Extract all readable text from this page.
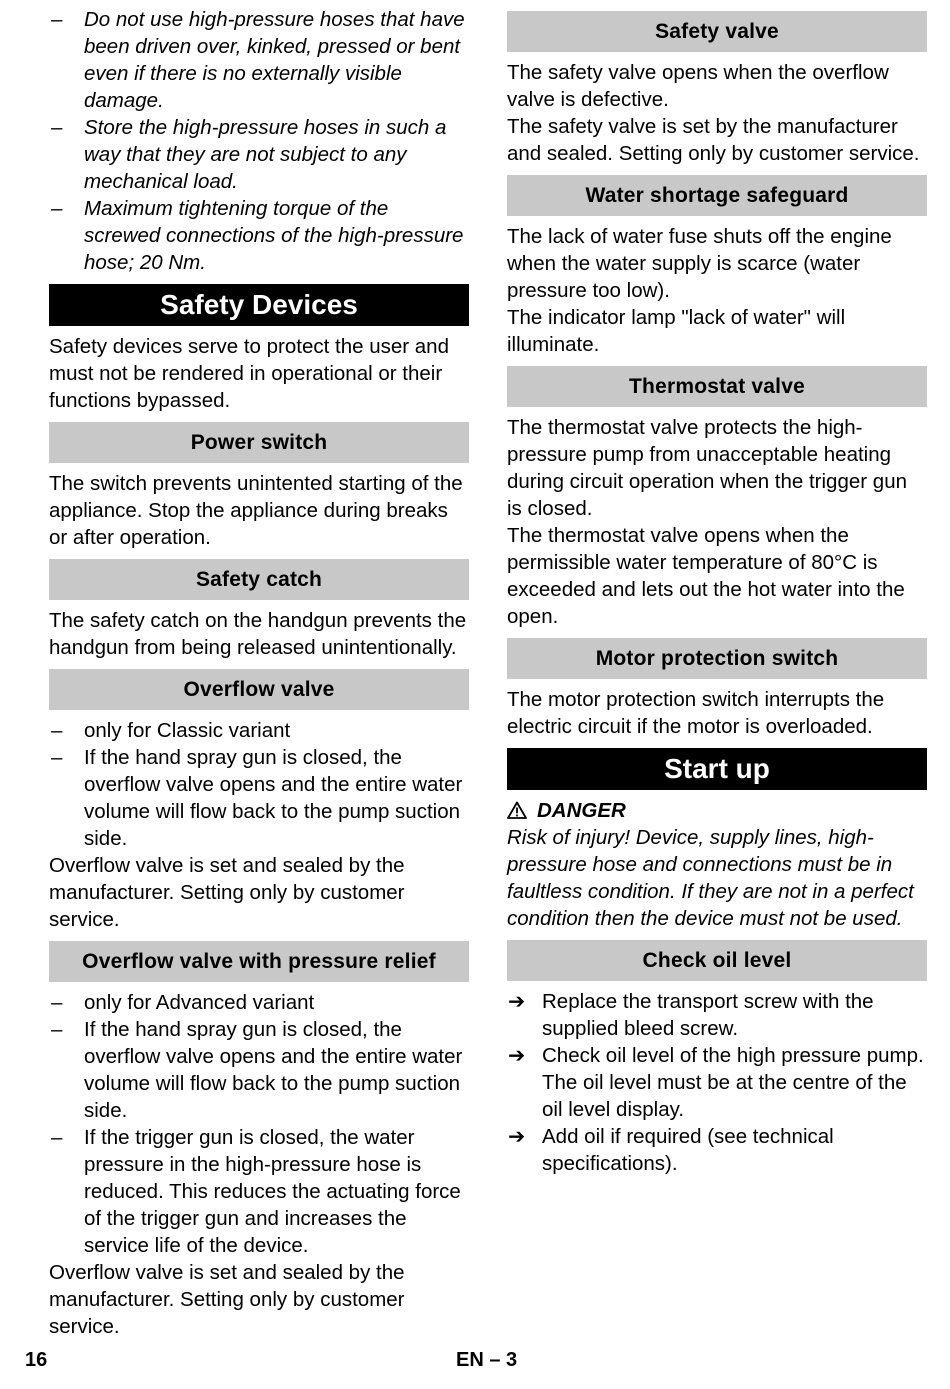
– Do not use high-pressure hoses that have been driven over, kinked, pressed or bent even if there is no externally visible damage.
– Store the high-pressure hoses in such a way that they are not subject to any mechanical load.
– Maximum tightening torque of the screwed connections of the high-pressure hose; 20 Nm.
Safety Devices

Safety devices serve to protect the user and must not be rendered in operational or their functions bypassed.

Power switch

The switch prevents unintented starting of the appliance. Stop the appliance during breaks or after operation.

Safety catch

The safety catch on the handgun prevents the handgun from being released unintentionally.

Overflow valve
– only for Classic variant
– If the hand spray gun is closed, the overflow valve opens and the entire water volume will flow back to the pump suction side.

Overflow valve is set and sealed by the manufacturer. Setting only by customer service.

Overflow valve with pressure relief
– only for Advanced variant
– If the hand spray gun is closed, the overflow valve opens and the entire water volume will flow back to the pump suction side.
– If the trigger gun is closed, the water pressure in the high-pressure hose is reduced. This reduces the actuating force of the trigger gun and increases the service life of the device.

Overflow valve is set and sealed by the manufacturer. Setting only by customer service.

Safety valve

The safety valve opens when the overflow valve is defective.

The safety valve is set by the manufacturer and sealed. Setting only by customer service.

Water shortage safeguard

The lack of water fuse shuts off the engine when the water supply is scarce (water pressure too low).

The indicator lamp "lack of water" will illuminate.

Thermostat valve

The thermostat valve protects the high-pressure pump from unacceptable heating during circuit operation when the trigger gun is closed.

The thermostat valve opens when the permissible water temperature of 80°C is exceeded and lets out the hot water into the open.

Motor protection switch

The motor protection switch interrupts the electric circuit if the motor is overloaded.

Start up

DANGER

Risk of injury! Device, supply lines, high-pressure hose and connections must be in faultless condition. If they are not in a perfect condition then the device must not be used.

Check oil level
➔ Replace the transport screw with the supplied bleed screw.
➔ Check oil level of the high pressure pump.
The oil level must be at the centre of the oil level display.
➔ Add oil if required (see technical specifications).
16	EN – 3
